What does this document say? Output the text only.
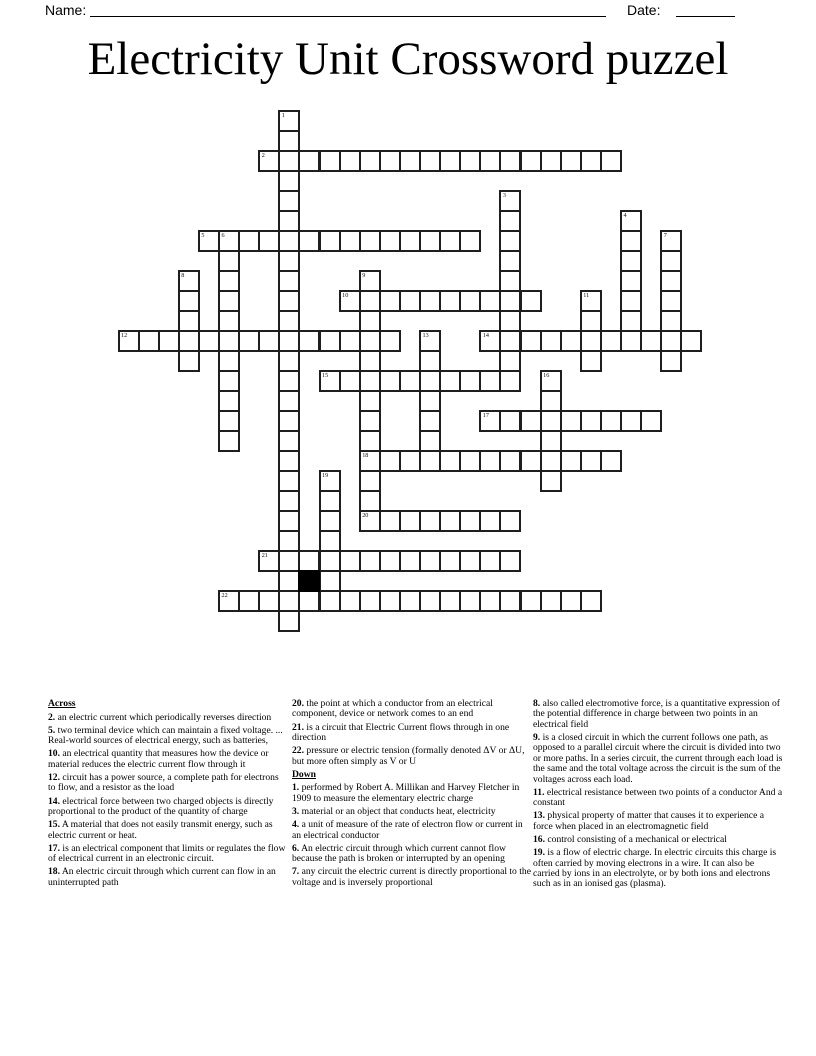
Name:	Date:
Electricity Unit Crossword puzzel
1
2
3
4
5	6	7
8	9
18
20
10	11
12	13	14
15	16
17
19
21
22
Across
2. an electric current which periodically reverses direction
5. two terminal device which can maintain a fixed voltage. ... Real-world sources of electrical energy, such as batteries,
10. an electrical quantity that measures how the device or material reduces the electric current flow through it
12. circuit has a power source, a complete path for electrons to flow, and a resistor as the load
14. electrical force between two charged objects is directly proportional to the product of the quantity of charge
15. A material that does not easily transmit energy, such as electric current or heat.
17. is an electrical component that limits or regulates the flow of electrical current in an electronic circuit.
18. An electric circuit through which current can flow in an uninterrupted path
20. the point at which a conductor from an electrical component, device or network comes to an end
21. is a circuit that Electric Current flows through in one direction
22. pressure or electric tension (formally denoted ΔV or ΔU, but more often simply as V or U
Down
1. performed by Robert A. Millikan and Harvey Fletcher in 1909 to measure the elementary electric charge
3. material or an object that conducts heat, electricity
4. a unit of measure of the rate of electron flow or current in an electrical conductor
6. An electric circuit through which current cannot flow because the path is broken or interrupted by an opening
7. any circuit the electric current is directly proportional to the voltage and is inversely proportional
8. also called electromotive force, is a quantitative expression of the potential difference in charge between two points in an electrical field
9. is a closed circuit in which the current follows one path, as opposed to a parallel circuit where the circuit is divided into two or more paths. In a series circuit, the current through each load is the same and the total voltage across the circuit is the sum of the voltages across each load.
11. electrical resistance between two points of a conductor And a constant
13. physical property of matter that causes it to experience a force when placed in an electromagnetic field
16. control consisting of a mechanical or electrical
19. is a flow of electric charge. In electric circuits this charge is often carried by moving electrons in a wire. It can also be carried by ions in an electrolyte, or by both ions and electrons such as in an ionised gas (plasma).
